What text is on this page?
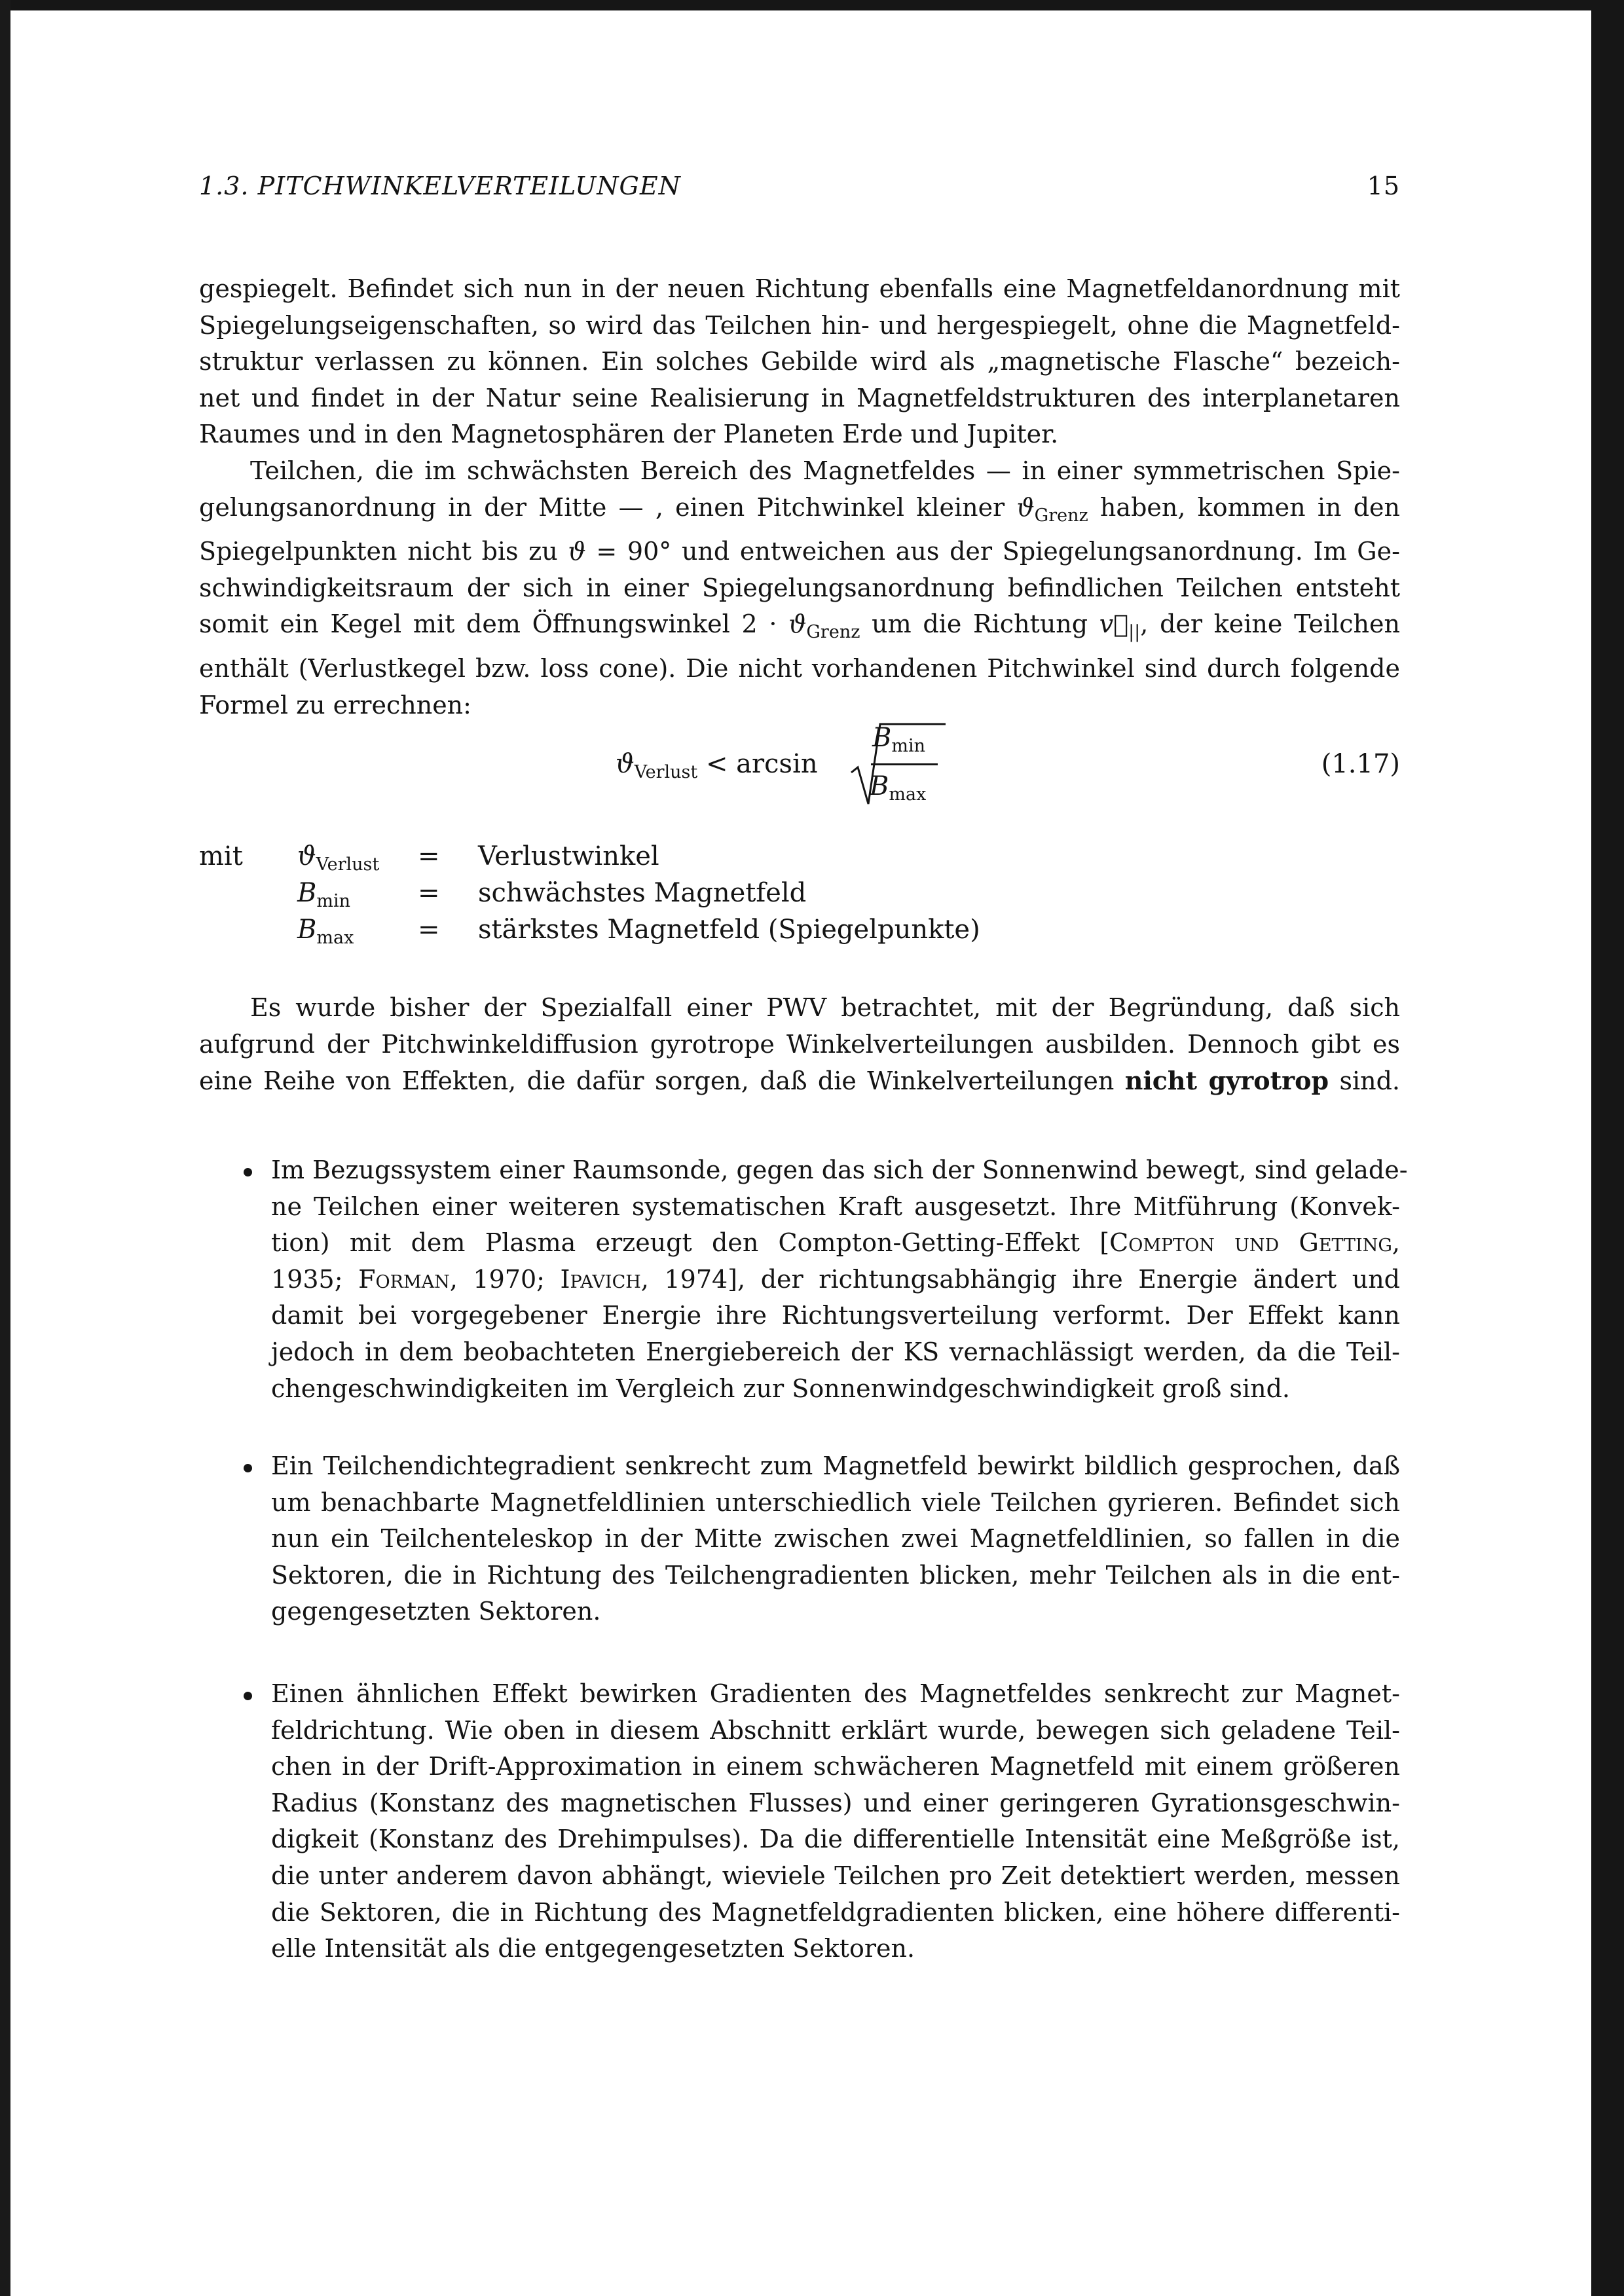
1.3. PITCHWINKELVERTEILUNGEN	15
gespiegelt. Befindet sich nun in der neuen Richtung ebenfalls eine Magnetfeldanordnung mit
Spiegelungseigenschaften, so wird das Teilchen hin- und hergespiegelt, ohne die Magnetfeld-
struktur verlassen zu können. Ein solches Gebilde wird als „magnetische Flasche“ bezeich-
net und findet in der Natur seine Realisierung in Magnetfeldstrukturen des interplanetaren
Raumes und in den Magnetosphären der Planeten Erde und Jupiter.
Teilchen, die im schwächsten Bereich des Magnetfeldes — in einer symmetrischen Spie-
gelungsanordnung in der Mitte — , einen Pitchwinkel kleiner $ϑ_{Grenz}$ haben, kommen in den
Spiegelpunkten nicht bis zu ϑ = 90° und entweichen aus der Spiegelungsanordnung. Im Ge-
schwindigkeitsraum der sich in einer Spiegelungsanordnung befindlichen Teilchen entsteht
somit ein Kegel mit dem Öffnungswinkel $2 \cdot ϑ_{Grenz}$ um die Richtung $v⃗_{||}$, der keine Teilchen
enthält (Verlustkegel bzw. loss cone). Die nicht vorhandenen Pitchwinkel sind durch folgende
Formel zu errechnen:
$ϑ_{Verlust} < \arcsin$
$B_{min}$
$B_{max}$
(1.17)
mit $ϑ_{Verlust}$ = Verlustwinkel
$B_{min}$	= schwächstes Magnetfeld
$B_{max}$ = stärkstes Magnetfeld (Spiegelpunkte)
Es wurde bisher der Spezialfall einer PWV betrachtet, mit der Begründung, daß sich
aufgrund der Pitchwinkeldiffusion gyrotrope Winkelverteilungen ausbilden. Dennoch gibt es
eine Reihe von Effekten, die dafür sorgen, daß die Winkelverteilungen nicht gyrotrop sind.
Im Bezugssystem einer Raumsonde, gegen das sich der Sonnenwind bewegt, sind gelade-
ne Teilchen einer weiteren systematischen Kraft ausgesetzt. Ihre Mitführung (Konvek-
tion) mit dem Plasma erzeugt den Compton-Getting-Effekt [Compton und Getting,
1935; Forman, 1970; Ipavich, 1974], der richtungsabhängig ihre Energie ändert und
damit bei vorgegebener Energie ihre Richtungsverteilung verformt. Der Effekt kann
jedoch in dem beobachteten Energiebereich der KS vernachlässigt werden, da die Teil-
chengeschwindigkeiten im Vergleich zur Sonnenwindgeschwindigkeit groß sind.
Ein Teilchendichtegradient senkrecht zum Magnetfeld bewirkt bildlich gesprochen, daß
um benachbarte Magnetfeldlinien unterschiedlich viele Teilchen gyrieren. Befindet sich
nun ein Teilchenteleskop in der Mitte zwischen zwei Magnetfeldlinien, so fallen in die
Sektoren, die in Richtung des Teilchengradienten blicken, mehr Teilchen als in die ent-
gegengesetzten Sektoren.
Einen ähnlichen Effekt bewirken Gradienten des Magnetfeldes senkrecht zur Magnet-
feldrichtung. Wie oben in diesem Abschnitt erklärt wurde, bewegen sich geladene Teil-
chen in der Drift-Approximation in einem schwächeren Magnetfeld mit einem größeren
Radius (Konstanz des magnetischen Flusses) und einer geringeren Gyrationsgeschwin-
digkeit (Konstanz des Drehimpulses). Da die differentielle Intensität eine Meßgröße ist,
die unter anderem davon abhängt, wieviele Teilchen pro Zeit detektiert werden, messen
die Sektoren, die in Richtung des Magnetfeldgradienten blicken, eine höhere differenti-
elle Intensität als die entgegengesetzten Sektoren.
